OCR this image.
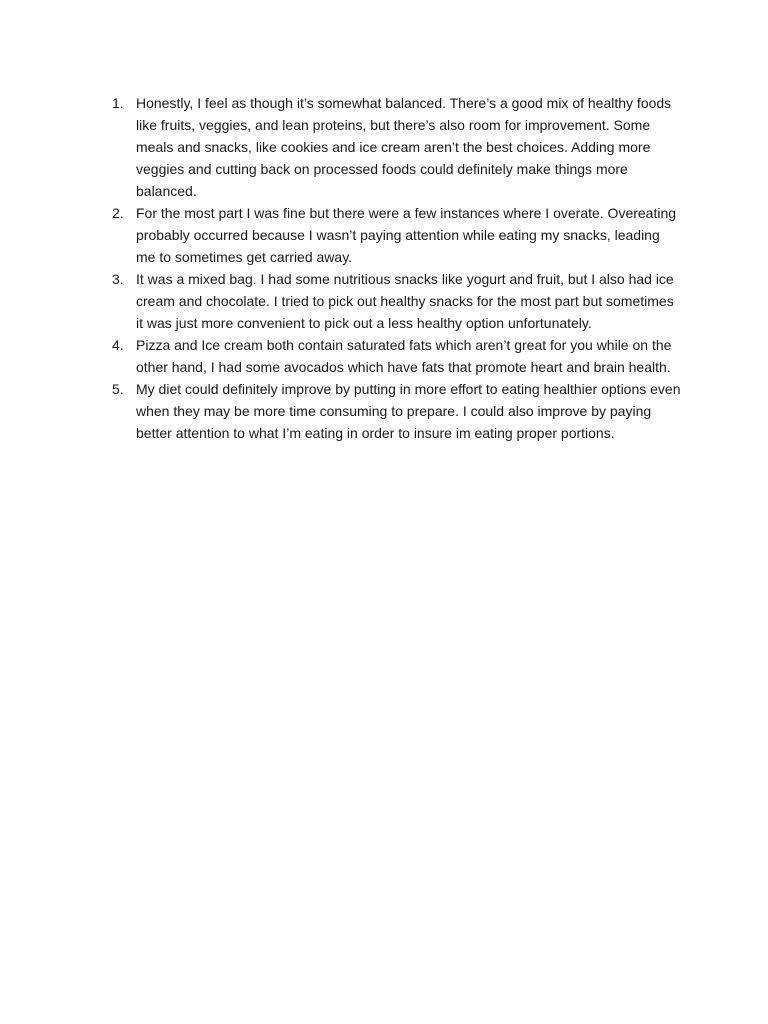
1. Honestly, I feel as though it’s somewhat balanced. There’s a good mix of healthy foods like fruits, veggies, and lean proteins, but there’s also room for improvement. Some meals and snacks, like cookies and ice cream aren’t the best choices. Adding more veggies and cutting back on processed foods could definitely make things more balanced.
2. For the most part I was fine but there were a few instances where I overate. Overeating probably occurred because I wasn’t paying attention while eating my snacks, leading me to sometimes get carried away.
3. It was a mixed bag. I had some nutritious snacks like yogurt and fruit, but I also had ice cream and chocolate. I tried to pick out healthy snacks for the most part but sometimes it was just more convenient to pick out a less healthy option unfortunately.
4. Pizza and Ice cream both contain saturated fats which aren’t great for you while on the other hand, I had some avocados which have fats that promote heart and brain health.
5. My diet could definitely improve by putting in more effort to eating healthier options even when they may be more time consuming to prepare. I could also improve by paying better attention to what I’m eating in order to insure im eating proper portions.
